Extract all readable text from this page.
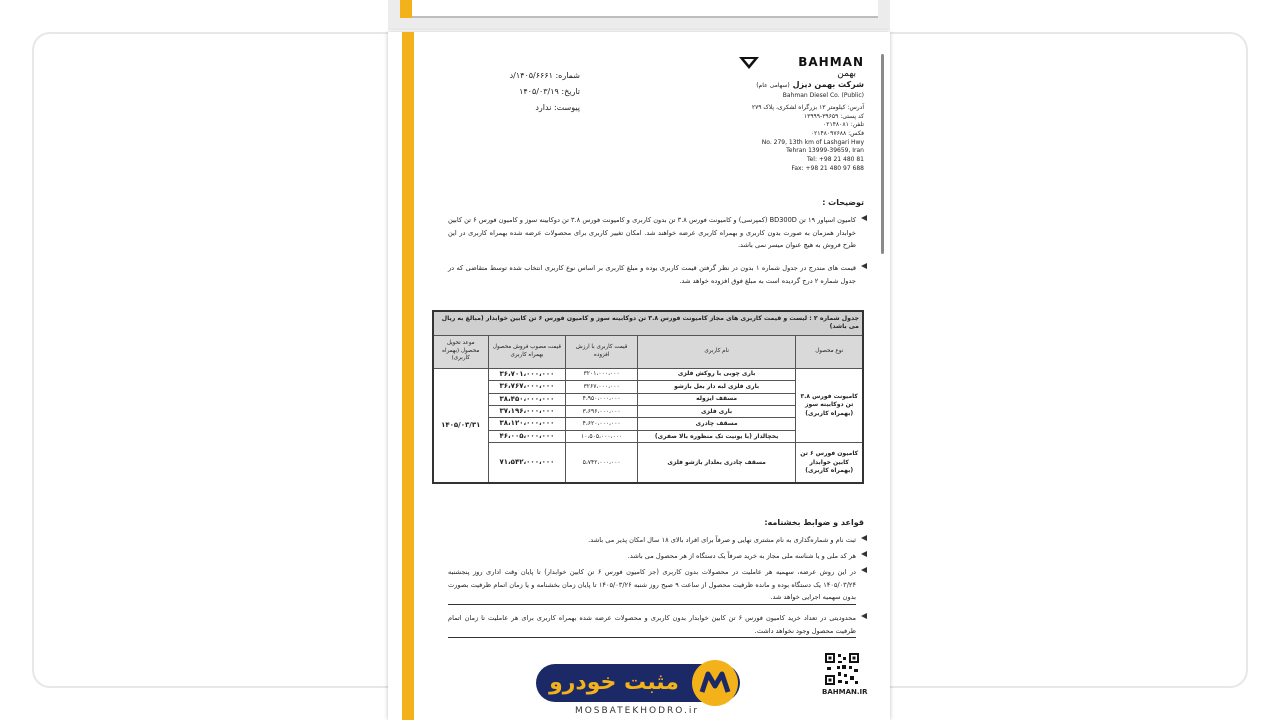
BAHMAN
بهمن
شرکت بهمن دیزل (سهامی عام)
Bahman Diesel Co. (Public)
آدرس: کیلومتر ۱۳ بزرگراه لشکری، پلاک ۲۷۹
کد پستی: ۳۹۶۵۹-۱۳۹۹۹
تلفن: ۰۲۱۴۸۰۸۱
فکس: ۰۲۱۴۸۰۹۷۶۸۸
No. 279, 13th km of Lashgari Hwy
Tehran 13999-39659, Iran
Tel: +98 21 480 81
Fax: +98 21 480 97 688
شماره: ۱۴۰۵/۶۶۶۱/د
تاریخ: ۱۴۰۵/۰۳/۱۹
پیوست: ندارد
توضیحات :
کامیون اسپاور ۱۹ تن BD300D (کمپرسی) و کامیونت فورس ۳.۸ تن بدون کاربری و کامیونت فورس ۳.۸ تن دوکابینه سوز و کامیون فورس ۶ تن کابین خوابدار همزمان به صورت بدون کاربری و بهمراه کاربری عرضه خواهند شد. امکان تغییر کاربری برای محصولات عرضه شده بهمراه کاربری در این طرح فروش به هیچ عنوان میسر نمی باشد.
قیمت های مندرج در جدول شماره ۱ بدون در نظر گرفتن قیمت کاربری بوده و مبلغ کاربری بر اساس نوع کاربری انتخاب شده توسط متقاضی که در جدول شماره ۲ درج گردیده است به مبلغ فوق افزوده خواهد شد.
جدول شماره ۲ : لیست و قیمت کاربری های مجاز کامیونت فورس ۳.۸ تن دوکابینه سوز و کامیون فورس ۶ تن کابین خوابدار (مبالغ به ریال می باشد)				
نوع محصول	نام کاربری	قیمت کاربری با ارزش افزوده	قیمت مصوب فروش محصول بهمراه کاربری	موعد تحویل محصول (بهمراه کاربری)
کامیونت فورس ۳.۸ تن دوکابینه سوز (بهمراه کاربری)	باری چوبی با روکش فلزی	۳۲۰۱،۰۰۰،۰۰۰	۳۶،۷۰۱،۰۰۰،۰۰۰	۱۴۰۵/۰۳/۳۱
	باری فلزی لبه دار بغل بازشو	۳۲۶۷،۰۰۰،۰۰۰	۳۶،۷۶۷،۰۰۰،۰۰۰	
	مسقف ایزوله	۴،۹۵۰،۰۰۰،۰۰۰	۳۸،۴۵۰،۰۰۰،۰۰۰	
	باری فلزی	۳،۶۹۶،۰۰۰،۰۰۰	۳۷،۱۹۶،۰۰۰،۰۰۰	
	مسقف چادری	۴،۶۲۰،۰۰۰،۰۰۰	۳۸،۱۲۰،۰۰۰،۰۰۰	
	یخچالدار (با یونیت تک منظوره بالا صفری)	۱۰،۵۰۵،۰۰۰،۰۰۰	۴۶،۰۰۵،۰۰۰،۰۰۰	
کامیون فورس ۶ تن کابین خوابدار (بهمراه کاربری)	مسقف چادری بغلدار بازشو فلزی	۵،۷۴۲،۰۰۰،۰۰۰	۷۱،۵۴۲،۰۰۰،۰۰۰	
قواعد و ضوابط بخشنامه:
ثبت نام و شماره‌گذاری به نام مشتری نهایی و صرفاً برای افراد بالای ۱۸ سال امکان پذیر می باشد.
هر کد ملی و یا شناسه ملی مجاز به خرید صرفاً یک دستگاه از هر محصول می باشد.
در این روش عرضه، سهمیه هر عاملیت در محصولات بدون کاربری (جز کامیون فورس ۶ تن کابین خوابدار) تا پایان وقت اداری روز پنجشنبه ۱۴۰۵/۰۳/۲۴ یک دستگاه بوده و مانده ظرفیت محصول از ساعت ۹ صبح روز شنبه ۱۴۰۵/۰۳/۲۶ تا پایان زمان بخشنامه و یا زمان اتمام ظرفیت بصورت بدون سهمیه اجرایی خواهد شد.
محدودیتی در تعداد خرید کامیون فورس ۶ تن کابین خوابدار بدون کاربری و محصولات عرضه شده بهمراه کاربری برای هر عاملیت تا زمان اتمام ظرفیت محصول وجود نخواهد داشت.
BAHMAN.IR
مثبت خودرو
MOSBATEKHODRO.ir
